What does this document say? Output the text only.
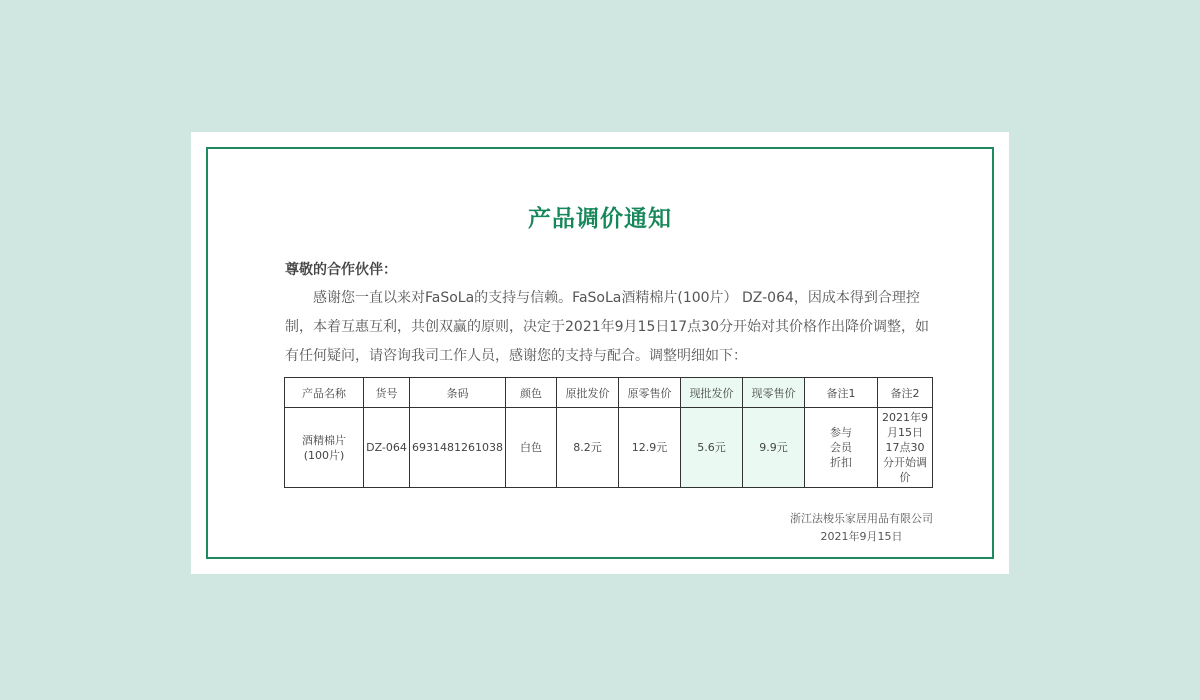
产品调价通知
尊敬的合作伙伴：

感谢您一直以来对FaSoLa的支持与信赖。FaSoLa酒精棉片(100片） DZ-064，因成本得到合理控制，本着互惠互利，共创双赢的原则，决定于2021年9月15日17点30分开始对其价格作出降价调整，如有任何疑问，请咨询我司工作人员，感谢您的支持与配合。调整明细如下：

产品名称	货号	条码	颜色	原批发价	原零售价	现批发价	现零售价	备注1	备注2

酒精棉片(100片)	DZ-064	6931481261038	白色	8.2元	12.9元	5.6元	9.9元	参与会员折扣	2021年9月15日17点30分开始调价
浙江法梭乐家居用品有限公司
2021年9月15日
